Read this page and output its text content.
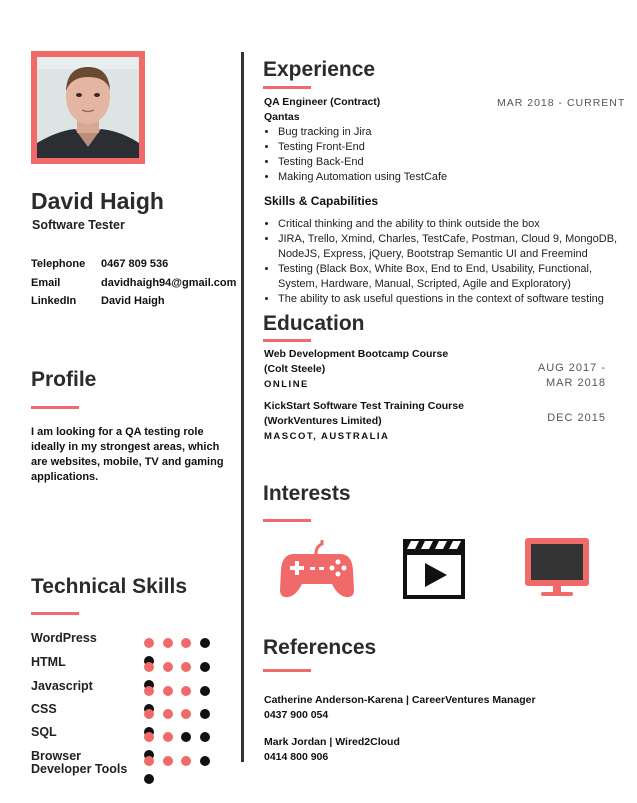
David Haigh
Software Tester
Telephone	0467 809 536
Email	davidhaigh94@gmail.com
LinkedIn	David Haigh
Profile
I am looking for a QA testing role ideally in my strongest areas, which are websites, mobile, TV and gaming applications.
Technical Skills
WordPress
HTML
Javascript
CSS
SQL
Browser Developer Tools
Experience
QA Engineer (Contract)
Qantas
MAR 2018 - CURRENT
• Bug tracking in Jira
• Testing Front-End
• Testing Back-End
• Making Automation using TestCafe
Skills & Capabilities
• Critical thinking and the ability to think outside the box
• JIRA, Trello, Xmind, Charles, TestCafe, Postman, Cloud 9, MongoDB, NodeJS, Express, jQuery, Bootstrap Semantic UI and Freemind
• Testing (Black Box, White Box, End to End, Usability, Functional, System, Hardware, Manual, Scripted, Agile and Exploratory)
• The ability to ask useful questions in the context of software testing
Education
Web Development Bootcamp Course (Colt Steele)
ONLINE
AUG 2017 - MAR 2018
KickStart Software Test Training Course (WorkVentures Limited)
MASCOT, AUSTRALIA
DEC 2015
Interests
References
Catherine Anderson-Karena | CareerVentures Manager
0437 900 054
Mark Jordan | Wired2Cloud
0414 800 906
